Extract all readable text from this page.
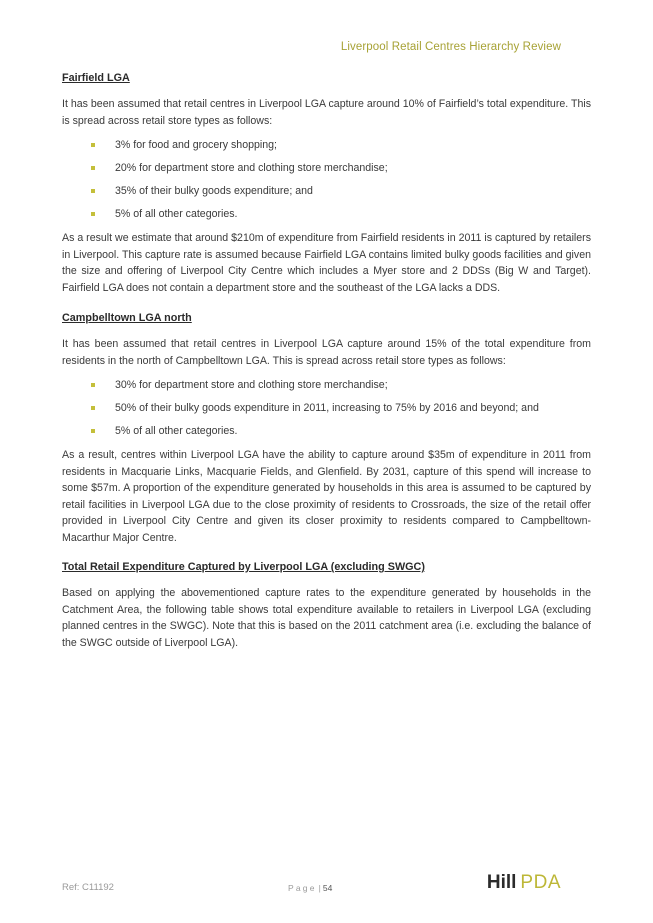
Liverpool Retail Centres Hierarchy Review
Fairfield LGA

It has been assumed that retail centres in Liverpool LGA capture around 10% of Fairfield’s total expenditure. This is spread across retail store types as follows:

3% for food and grocery shopping;
20% for department store and clothing store merchandise;
35% of their bulky goods expenditure; and
5% of all other categories.

As a result we estimate that around $210m of expenditure from Fairfield residents in 2011 is captured by retailers in Liverpool. This capture rate is assumed because Fairfield LGA contains limited bulky goods facilities and given the size and offering of Liverpool City Centre which includes a Myer store and 2 DDSs (Big W and Target). Fairfield LGA does not contain a department store and the southeast of the LGA lacks a DDS.

Campbelltown LGA north

It has been assumed that retail centres in Liverpool LGA capture around 15% of the total expenditure from residents in the north of Campbelltown LGA. This is spread across retail store types as follows:

30% for department store and clothing store merchandise;
50% of their bulky goods expenditure in 2011, increasing to 75% by 2016 and beyond; and
5% of all other categories.

As a result, centres within Liverpool LGA have the ability to capture around $35m of expenditure in 2011 from residents in Macquarie Links, Macquarie Fields, and Glenfield. By 2031, capture of this spend will increase to some $57m. A proportion of the expenditure generated by households in this area is assumed to be captured by retail facilities in Liverpool LGA due to the close proximity of residents to Crossroads, the size of the retail offer provided in Liverpool City Centre and given its closer proximity to residents compared to Campbelltown-Macarthur Major Centre.

Total Retail Expenditure Captured by Liverpool LGA (excluding SWGC)

Based on applying the abovementioned capture rates to the expenditure generated by households in the Catchment Area, the following table shows total expenditure available to retailers in Liverpool LGA (excluding planned centres in the SWGC). Note that this is based on the 2011 catchment area (i.e. excluding the balance of the SWGC outside of Liverpool LGA).

Ref: C11192	Page | 54	Hill PDA
